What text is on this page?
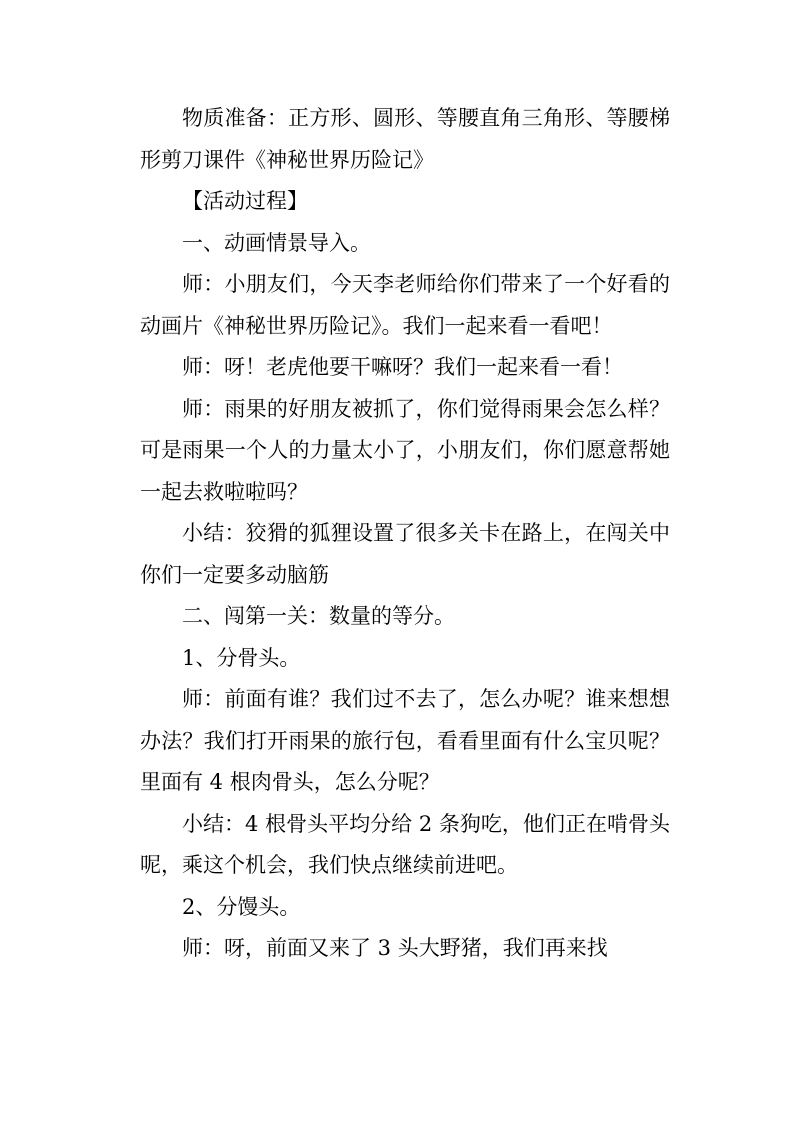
物质准备：正方形、圆形、等腰直角三角形、等腰梯形剪刀课件《神秘世界历险记》

【活动过程】

一、动画情景导入。

师：小朋友们，今天李老师给你们带来了一个好看的动画片《神秘世界历险记》。我们一起来看一看吧！

师：呀！老虎他要干嘛呀？我们一起来看一看！

师：雨果的好朋友被抓了，你们觉得雨果会怎么样？可是雨果一个人的力量太小了，小朋友们，你们愿意帮她一起去救啦啦吗？

小结：狡猾的狐狸设置了很多关卡在路上，在闯关中你们一定要多动脑筋

二、闯第一关：数量的等分。

1、分骨头。

师：前面有谁？我们过不去了，怎么办呢？谁来想想办法？我们打开雨果的旅行包，看看里面有什么宝贝呢？里面有 4 根肉骨头，怎么分呢？

小结：4 根骨头平均分给 2 条狗吃，他们正在啃骨头呢，乘这个机会，我们快点继续前进吧。

2、分馒头。

师：呀，前面又来了 3 头大野猪，我们再来找
